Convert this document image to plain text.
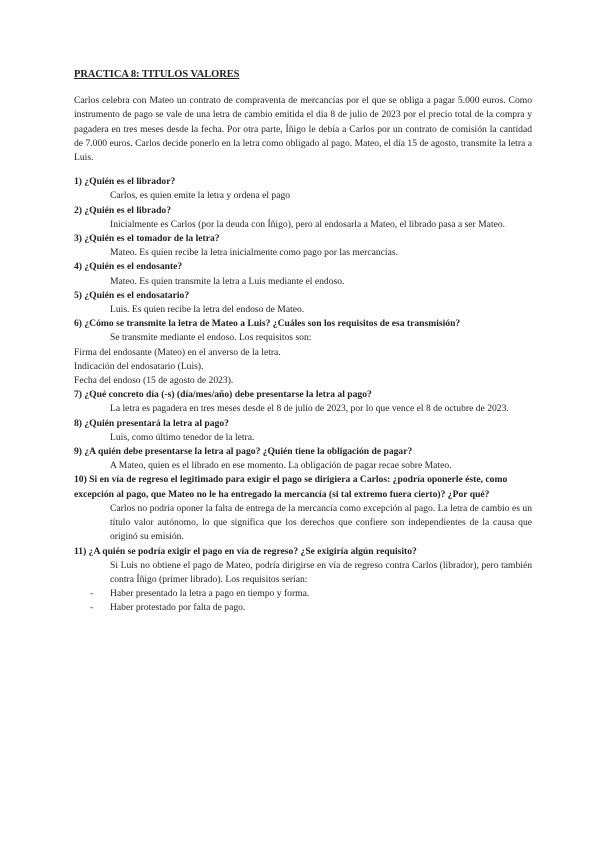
PRACTICA 8: TITULOS VALORES
Carlos celebra con Mateo un contrato de compraventa de mercancías por el que se obliga a pagar 5.000 euros. Como instrumento de pago se vale de una letra de cambio emitida el día 8 de julio de 2023 por el precio total de la compra y pagadera en tres meses desde la fecha. Por otra parte, Íñigo le debía a Carlos por un contrato de comisión la cantidad de 7.000 euros. Carlos decide ponerlo en la letra como obligado al pago. Mateo, el día 15 de agosto, transmite la letra a Luis.

1) ¿Quién es el librador?

Carlos, es quien emite la letra y ordena el pago

2) ¿Quién es el librado?

Inicialmente es Carlos (por la deuda con Íñigo), pero al endosarla a Mateo, el librado pasa a ser Mateo.

3) ¿Quién es el tomador de la letra?

Mateo. Es quien recibe la letra inicialmente como pago por las mercancías.

4) ¿Quién es el endosante?

Mateo. Es quien transmite la letra a Luis mediante el endoso.

5) ¿Quién es el endosatario?

Luis. Es quien recibe la letra del endoso de Mateo.

6) ¿Cómo se transmite la letra de Mateo a Luis? ¿Cuáles son los requisitos de esa transmisión?

Se transmite mediante el endoso. Los requisitos son:

Firma del endosante (Mateo) en el anverso de la letra.

Indicación del endosatario (Luis).

Fecha del endoso (15 de agosto de 2023).

7) ¿Qué concreto día (-s) (día/mes/año) debe presentarse la letra al pago?

La letra es pagadera en tres meses desde el 8 de julio de 2023, por lo que vence el 8 de octubre de 2023.

8) ¿Quién presentará la letra al pago?

Luis, como último tenedor de la letra.

9) ¿A quién debe presentarse la letra al pago? ¿Quién tiene la obligación de pagar?

A Mateo, quien es el librado en ese momento. La obligación de pagar recae sobre Mateo.

10) Si en vía de regreso el legitimado para exigir el pago se dirigiera a Carlos: ¿podría oponerle éste, como excepción al pago, que Mateo no le ha entregado la mercancía (si tal extremo fuera cierto)? ¿Por qué?

Carlos no podría oponer la falta de entrega de la mercancía como excepción al pago. La letra de cambio es un título valor autónomo, lo que significa que los derechos que confiere son independientes de la causa que originó su emisión.

11) ¿A quién se podría exigir el pago en vía de regreso? ¿Se exigiría algún requisito?

Si Luis no obtiene el pago de Mateo, podría dirigirse en vía de regreso contra Carlos (librador), pero también contra Íñigo (primer librado). Los requisitos serían:

- Haber presentado la letra a pago en tiempo y forma.
- Haber protestado por falta de pago.
